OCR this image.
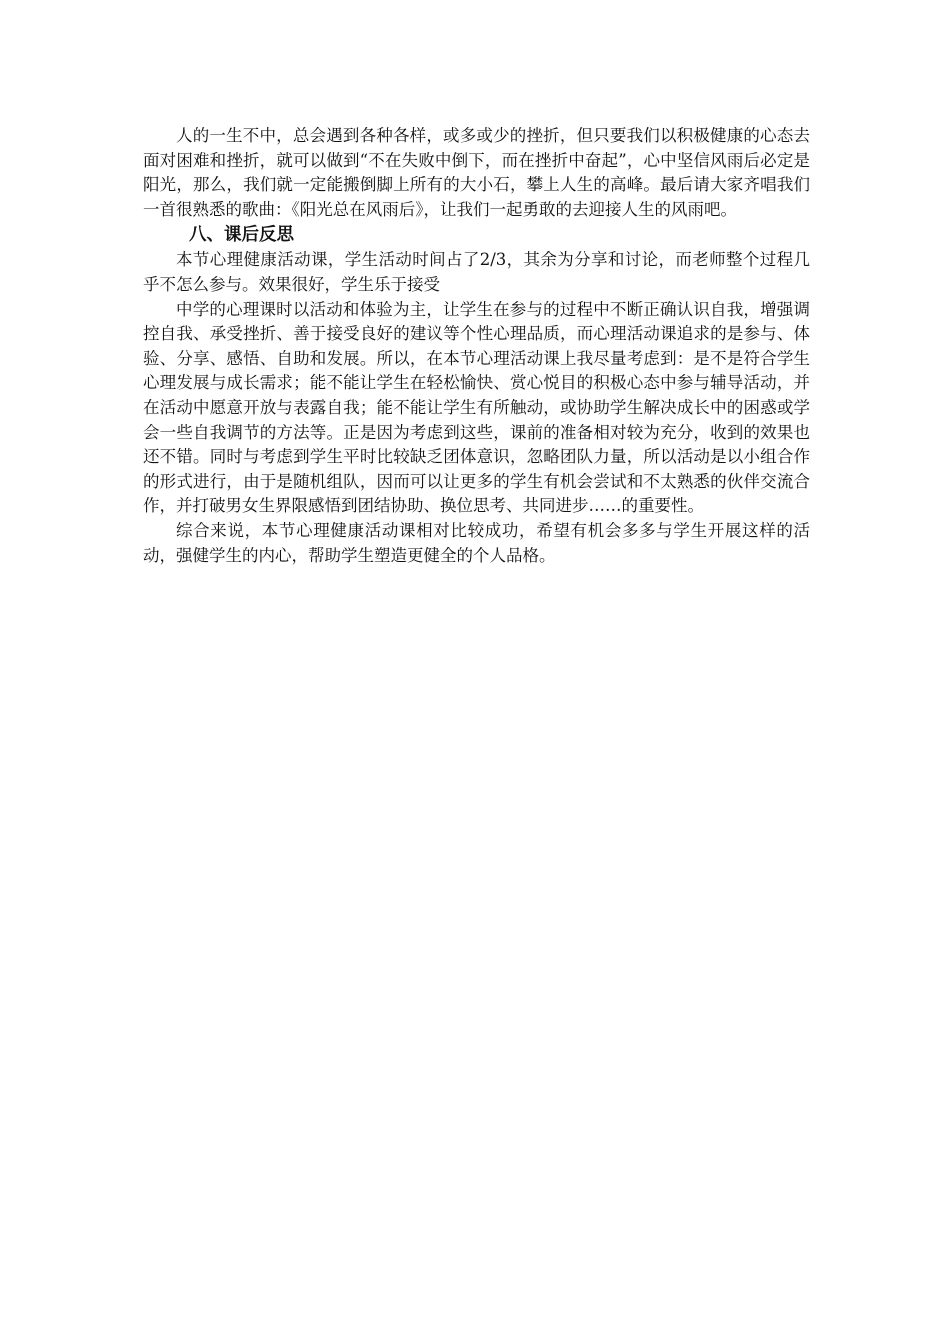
人的一生不中，总会遇到各种各样，或多或少的挫折，但只要我们以积极健康的心态去面对困难和挫折，就可以做到“不在失败中倒下，而在挫折中奋起”，心中坚信风雨后必定是阳光，那么，我们就一定能搬倒脚上所有的大小石，攀上人生的高峰。最后请大家齐唱我们一首很熟悉的歌曲：《阳光总在风雨后》，让我们一起勇敢的去迎接人生的风雨吧。

八、课后反思

本节心理健康活动课，学生活动时间占了2/3，其余为分享和讨论，而老师整个过程几乎不怎么参与。效果很好，学生乐于接受

中学的心理课时以活动和体验为主，让学生在参与的过程中不断正确认识自我，增强调控自我、承受挫折、善于接受良好的建议等个性心理品质，而心理活动课追求的是参与、体验、分享、感悟、自助和发展。所以，在本节心理活动课上我尽量考虑到：是不是符合学生心理发展与成长需求；能不能让学生在轻松愉快、赏心悦目的积极心态中参与辅导活动，并在活动中愿意开放与表露自我；能不能让学生有所触动，或协助学生解决成长中的困惑或学会一些自我调节的方法等。正是因为考虑到这些，课前的准备相对较为充分，收到的效果也还不错。同时与考虑到学生平时比较缺乏团体意识，忽略团队力量，所以活动是以小组合作的形式进行，由于是随机组队，因而可以让更多的学生有机会尝试和不太熟悉的伙伴交流合作，并打破男女生界限感悟到团结协助、换位思考、共同进步……的重要性。

综合来说，本节心理健康活动课相对比较成功，希望有机会多多与学生开展这样的活动，强健学生的内心，帮助学生塑造更健全的个人品格。
